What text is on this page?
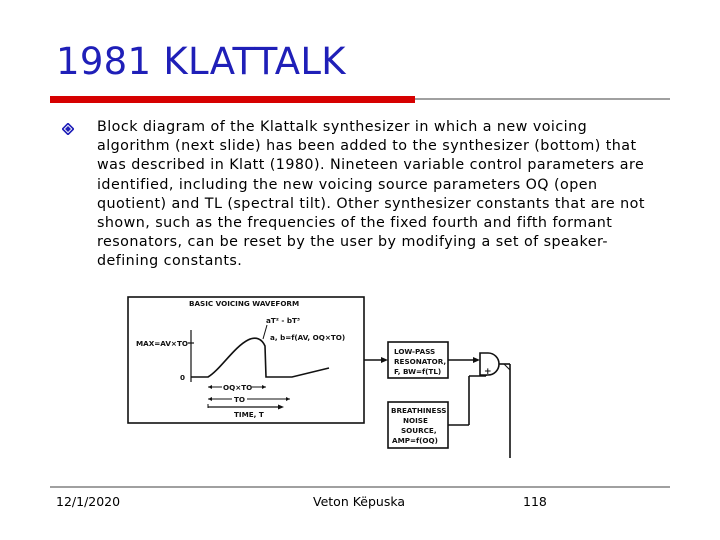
1981 KLATTALK

Block diagram of the Klattalk synthesizer in which a new voicing algorithm (next slide) has been added to the synthesizer (bottom) that was described in Klatt (1980). Nineteen variable control parameters are identified, including the new voicing source parameters OQ (open quotient) and TL (spectral tilt). Other synthesizer constants that are not shown, such as the frequencies of the fixed fourth and fifth formant resonators, can be reset by the user by modifying a set of speaker-defining constants.

BASIC VOICING WAVEFORM
aT² - bT³
a, b=f(AV, OQ×TO)
MAX=AV×TO
0
OQ×TO
TO
TIME, T
LOW-PASS
RESONATOR,
F, BW=f(TL)
BREATHINESS
NOISE
SOURCE,
AMP=f(OQ)
+

12/1/2020	Veton Këpuska	118
